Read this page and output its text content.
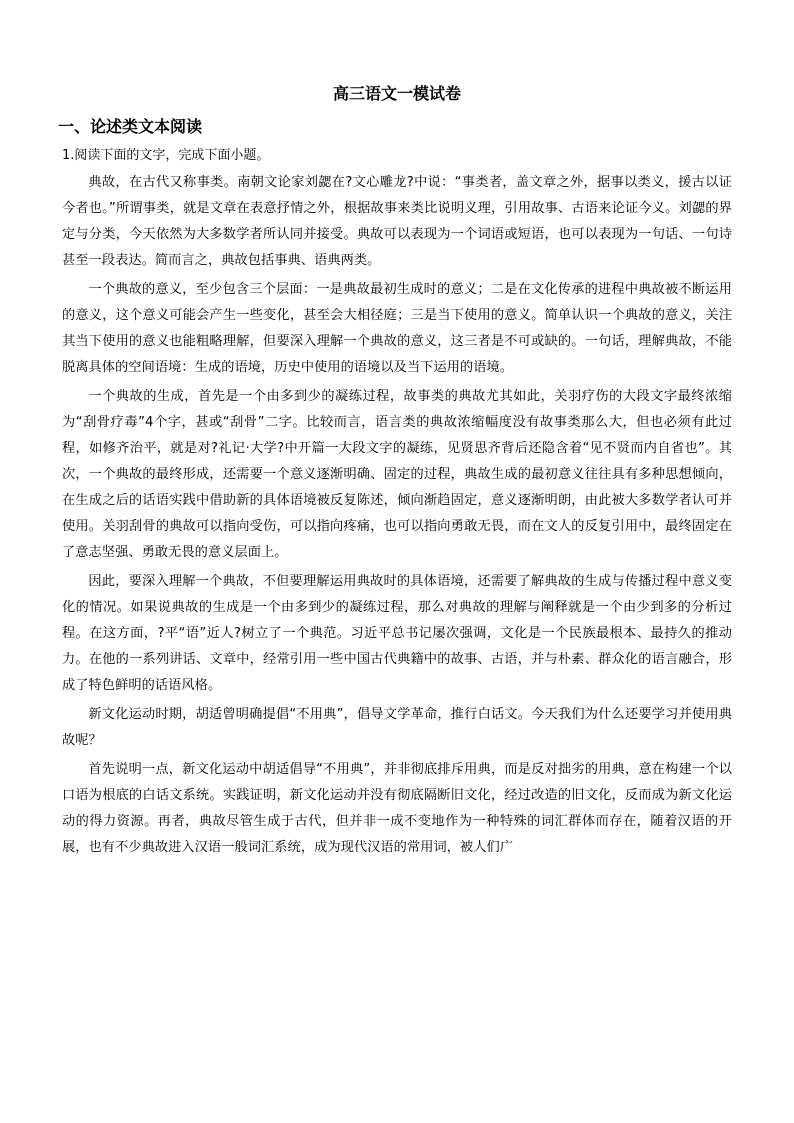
高三语文一模试卷
一、论述类文本阅读
1.阅读下面的文字，完成下面小题。

典故，在古代又称事类。南朝文论家刘勰在?文心雕龙?中说：“事类者，盖文章之外，据事以类义，援古以证今者也。”所谓事类，就是文章在表意抒情之外，根据故事来类比说明义理，引用故事、古语来论证今义。刘勰的界定与分类，今天依然为大多数学者所认同并接受。典故可以表现为一个词语或短语，也可以表现为一句话、一句诗甚至一段表达。简而言之，典故包括事典、语典两类。

一个典故的意义，至少包含三个层面：一是典故最初生成时的意义；二是在文化传承的进程中典故被不断运用的意义，这个意义可能会产生一些变化，甚至会大相径庭；三是当下使用的意义。简单认识一个典故的意义，关注其当下使用的意义也能粗略理解，但要深入理解一个典故的意义，这三者是不可或缺的。一句话，理解典故，不能脱离具体的空间语境：生成的语境，历史中使用的语境以及当下运用的语境。

一个典故的生成，首先是一个由多到少的凝练过程，故事类的典故尤其如此，关羽疗伤的大段文字最终浓缩为“刮骨疗毒”4个字，甚或“刮骨”二字。比较而言，语言类的典故浓缩幅度没有故事类那么大，但也必须有此过程，如修齐治平，就是对?礼记·大学?中开篇一大段文字的凝练，见贤思齐背后还隐含着“见不贤而内自省也”。其次，一个典故的最终形成，还需要一个意义逐渐明确、固定的过程，典故生成的最初意义往往具有多种思想倾向，在生成之后的话语实践中借助新的具体语境被反复陈述，倾向渐趋固定，意义逐渐明朗，由此被大多数学者认可并使用。关羽刮骨的典故可以指向受伤，可以指向疼痛，也可以指向勇敢无畏，而在文人的反复引用中，最终固定在了意志坚强、勇敢无畏的意义层面上。

因此，要深入理解一个典故，不但要理解运用典故时的具体语境，还需要了解典故的生成与传播过程中意义变化的情况。如果说典故的生成是一个由多到少的凝练过程，那么对典故的理解与阐释就是一个由少到多的分析过程。在这方面，?平“语”近人?树立了一个典范。习近平总书记屡次强调，文化是一个民族最根本、最持久的推动力。在他的一系列讲话、文章中，经常引用一些中国古代典籍中的故事、古语，并与朴素、群众化的语言融合，形成了特色鲜明的话语风格。

新文化运动时期，胡适曾明确提倡“不用典”，倡导文学革命，推行白话文。今天我们为什么还要学习并使用典故呢？

首先说明一点，新文化运动中胡适倡导“不用典”，并非彻底排斥用典，而是反对拙劣的用典，意在构建一个以口语为根底的白话文系统。实践证明，新文化运动并没有彻底隔断旧文化，经过改造的旧文化，反而成为新文化运动的得力资源。再者，典故尽管生成于古代，但并非一成不变地作为一种特殊的词汇群体而存在，随着汉语的开展，也有不少典故进入汉语一般词汇系统，成为现代汉语的常用词，被人们广
